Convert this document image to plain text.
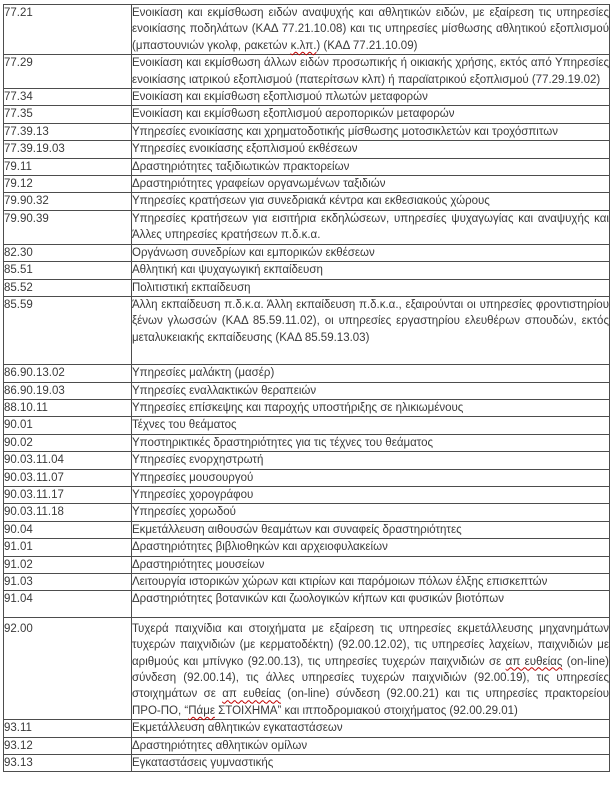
77.21	Ενοικίαση και εκμίσθωση ειδών αναψυχής και αθλητικών ειδών, με εξαίρεση τις υπηρεσίες ενοικίασης ποδηλάτων (ΚΑΔ 77.21.10.08) και τις υπηρεσίες μίσθωσης αθλητικού εξοπλισμού (μπαστουνιών γκολφ, ρακετών κ.λπ.) (ΚΑΔ 77.21.10.09)
77.29	Ενοικίαση και εκμίσθωση άλλων ειδών προσωπικής ή οικιακής χρήσης, εκτός από Υπηρεσίες ενοικίασης ιατρικού εξοπλισμού (πατερίτσων κλπ) ή παραϊατρικού εξοπλισμού (77.29.19.02)
77.34	Ενοικίαση και εκμίσθωση εξοπλισμού πλωτών μεταφορών
77.35	Ενοικίαση και εκμίσθωση εξοπλισμού αεροπορικών μεταφορών
77.39.13	Υπηρεσίες ενοικίασης και χρηματοδοτικής μίσθωσης μοτοσικλετών και τροχόσπιτων
77.39.19.03	Υπηρεσίες ενοικίασης εξοπλισμού εκθέσεων
79.11	Δραστηριότητες ταξιδιωτικών πρακτορείων
79.12	Δραστηριότητες γραφείων οργανωμένων ταξιδιών
79.90.32	Υπηρεσίες κρατήσεων για συνεδριακά κέντρα και εκθεσιακούς χώρους
79.90.39	Υπηρεσίες κρατήσεων για εισιτήρια εκδηλώσεων, υπηρεσίες ψυχαγωγίας και αναψυχής και Άλλες υπηρεσίες κρατήσεων π.δ.κ.α.
82.30	Οργάνωση συνεδρίων και εμπορικών εκθέσεων
85.51	Αθλητική και ψυχαγωγική εκπαίδευση
85.52	Πολιτιστική εκπαίδευση
85.59	Άλλη εκπαίδευση π.δ.κ.α. Άλλη εκπαίδευση π.δ.κ.α., εξαιρούνται οι υπηρεσίες φροντιστηρίου ξένων γλωσσών (ΚΑΔ 85.59.11.02), οι υπηρεσίες εργαστηρίου ελευθέρων σπουδών, εκτός μεταλυκειακής εκπαίδευσης (ΚΑΔ 85.59.13.03)
86.90.13.02	Υπηρεσίες μαλάκτη (μασέρ)
86.90.19.03	Υπηρεσίες εναλλακτικών θεραπειών
88.10.11	Υπηρεσίες επίσκεψης και παροχής υποστήριξης σε ηλικιωμένους
90.01	Τέχνες του θεάματος
90.02	Υποστηρικτικές δραστηριότητες για τις τέχνες του θεάματος
90.03.11.04	Υπηρεσίες ενορχηστρωτή
90.03.11.07	Υπηρεσίες μουσουργού
90.03.11.17	Υπηρεσίες χορογράφου
90.03.11.18	Υπηρεσίες χορωδού
90.04	Εκμετάλλευση αιθουσών θεαμάτων και συναφείς δραστηριότητες
91.01	Δραστηριότητες βιβλιοθηκών και αρχειοφυλακείων
91.02	Δραστηριότητες μουσείων
91.03	Λειτουργία ιστορικών χώρων και κτιρίων και παρόμοιων πόλων έλξης επισκεπτών
91.04	Δραστηριότητες βοτανικών και ζωολογικών κήπων και φυσικών βιοτόπων
92.00	Τυχερά παιχνίδια και στοιχήματα με εξαίρεση τις υπηρεσίες εκμετάλλευσης μηχανημάτων τυχερών παιχνιδιών (με κερματοδέκτη) (92.00.12.02), τις υπηρεσίες λαχείων, παιχνιδιών με αριθμούς και μπίνγκο (92.00.13), τις υπηρεσίες τυχερών παιχνιδιών σε απ ευθείας (on-line) σύνδεση (92.00.14), τις άλλες υπηρεσίες τυχερών παιχνιδιών (92.00.19), τις υπηρεσίες στοιχημάτων σε απ ευθείας (on-line) σύνδεση (92.00.21) και τις υπηρεσίες πρακτορείου ΠΡΟ-ΠΟ, “Πάμε ΣΤΟΙΧΗΜΑ” και ιπποδρομιακού στοιχήματος (92.00.29.01)
93.11	Εκμετάλλευση αθλητικών εγκαταστάσεων
93.12	Δραστηριότητες αθλητικών ομίλων
93.13	Εγκαταστάσεις γυμναστικής
